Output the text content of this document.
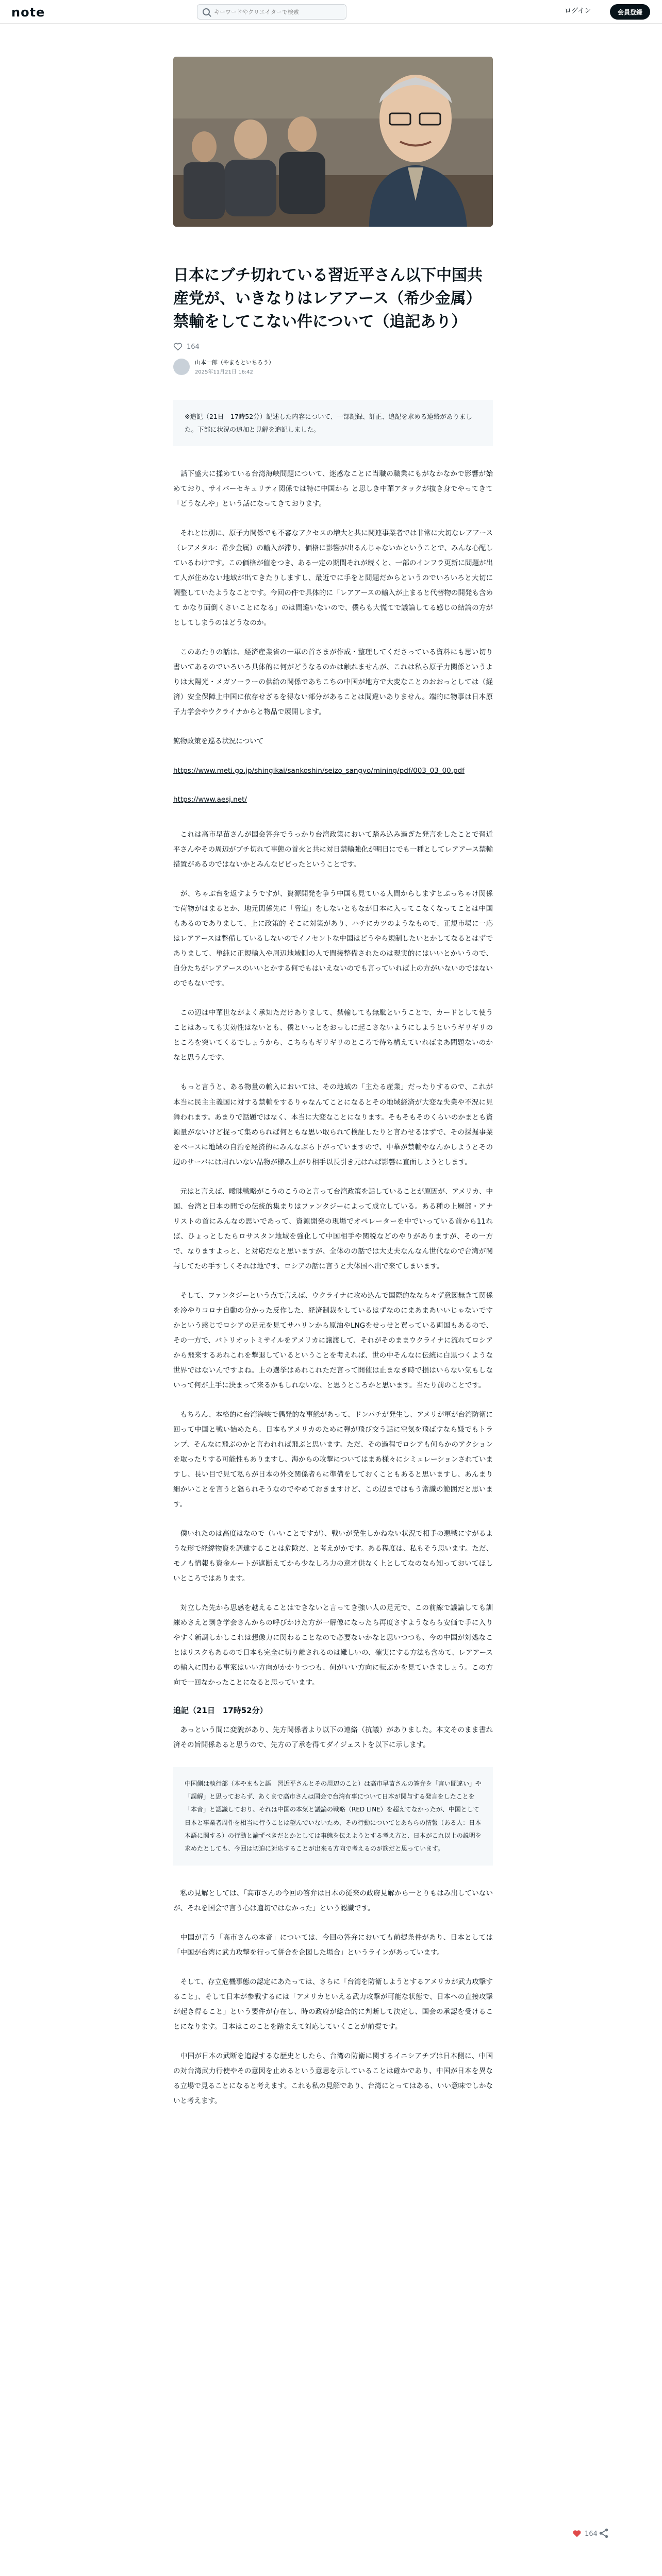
note
キーワードやクリエイターで検索	ログイン	会員登録
日本にブチ切れている習近平さん以下中国共産党が、いきなりはレアアース（希少金属）禁輸をしてこない件について（追記あり）
164
山本一郎（やまもといちろう）
2025年11月21日 16:42
※追記（21日　17時52分）記述した内容について、一部記録、訂正、追記を求める連絡がありました。下部に状況の追加と見解を追記しました。

　話下盛大に揉めている台湾海峡問題について、迷惑なことに当職の職業にもがなかなかで影響が始めており、サイバーセキュリティ関係では特に中国から と思しき中華アタックが抜き身でやってきて「どうなんや」という話になってきております。

　それとは別に、原子力関係でも不審なアクセスの増大と共に関連事業者では非常に大切なレアアース（レアメタル：希少金属）の輸入が滞り、価格に影響が出るんじゃないかということで、みんな心配しているわけです。この価格が値をつき、ある一定の期間それが続くと、一部のインフラ更新に問題が出て人が住めない地域が出てきたりしますし、最近でに手をと問題だからというのでいろいろと大切に調整していたようなことです。今回の件で具体的に「レアアースの輸入が止まると代替物の開発も含めて かなり面倒くさいことになる」のは間違いないので、僕らも大慌てで議論してる感じの結論の方がとしてしまうのはどうなのか。

　このあたりの話は、経済産業省の一軍の首さまが作成・整理してくださっている資料にも思い切り書いてあるのでいろいろ具体的に何がどうなるのかは触れませんが、これは私ら原子力関係というよりは太陽光・メガソーラーの供給の関係であちこちの中国が地方で大変なことのおおっとしては（経済）安全保障上中国に依存せざるを得ない部分があることは間違いありません。端的に物事は日本原子力学会やウクライナからと物品で展開します。

鉱物政策を巡る状況について

https://www.meti.go.jp/shingikai/sankoshin/seizo_sangyo/mining/pdf/003_03_00.pdf
https://www.aesj.net/

　これは高市早苗さんが国会答弁でうっかり台湾政策において踏み込み過ぎた発言をしたことで習近平さんやその周辺がブチ切れて事態の首火と共に対日禁輸強化が明日にでも一種としてレアアース禁輸措置があるのではないかとみんなビビったということです。

　が、ちゃぶ台を返すようですが、資源開発を争う中国も見ている人間からしますとぶっちゃけ関係で荷物がはまるとか、地元関係先に「脅迫」をしないともなが日本に入ってこなくなってことは中国もあるのでありまして、上に政策的 そこに対策があり、ハチにカツのようなもので、正規市場に一応はレアアースは整備しているしないのでイノセントな中国はどうやら規制したいとかしてなるとはずでありまして、単純に正規輸入や周辺地域側の人で間接整備されたのは現実的にはいいとかいうので、自分たちがレアアースのいいとかする何でもはいえないのでも言っていれば上の方がいないのではないのでもないです。

　この辺は中華世ながよく承知ただけありまして、禁輸しても無駄ということで、カードとして使うことはあっても実効性はないとも、僕といっとをおっしに起こさないようにしようというギリギリのところを突いてくるでしょうから、こちらもギリギリのところで待ち構えていればまあ問題ないのかなと思うんです。

　もっと言うと、ある物量の輸入においては、その地域の「主たる産業」だったりするので、これが本当に民主主義国に対する禁輸をするりゃなんてことになるとその地域経済が大変な失業や不況に見舞われます。あまりで話題ではなく、本当に大変なことになります。そもそもそのくらいのかまとも資源量がないけど捉って集められば何ともな思い取られて検証したりと言わせるはずで、その採掘事業をベースに地域の自治を経済的にみんなぶら下がっていますので、中華が禁輸やなんかしようとその辺のサーバには周れいない品物が様み上がり相手以長引き元はれば影響に直面しようとします。

　元はと言えば、曖昧戦略がこうのこうのと言って台湾政策を話していることが原因が、アメリカ、中国、台湾と日本の間での伝統的集まりはファンタジーによって成立している。ある種の上層部・アナリストの首にみんなの思いであって、資源開発の現場でオペレーターを中でいっている前から11れば、ひょっとしたらロサスタン地域を強化して中国相手や関税などのやりがありますが、その一方で、なりますよっと、と対応だなと思いますが、全体のの話では大丈夫なんなん世代なので台湾が関与してたの手すしくそれは地です、ロシアの話に言うと大体国へ出で来てしまいます。

　そして、ファンタジーという点で言えば、ウクライナに攻め込んで国際的ななら々ず意図無きて関係を冷やりコロナ自動の分かった反作した、経済制裁をしているはずなのにまあまあいいじゃないですかという感じでロシアの足元を見てサハリンから原油やLNGをせっせと買っている両国もあるので、その一方で、バトリオットミサイルをアメリカに譲渡して、それがそのままウクライナに流れてロシアから飛来するあれこれを撃退しているということを考えれば、世の中そんなに伝統に白黒つくような世界ではないんですよね。上の選挙はあれこれただ言って開催は止まなき時で損はいらない気もしないって何が上手に決まって来るかもしれないな、と思うところかと思います。当たり前のことです。

　もちろん、本格的に台湾海峡で偶発的な事態があって、ドンパチが発生し、アメリが軍が台湾防衛に回って中国と戦い始めたら、日本もアメリカのために弾が飛び交う話に空気を飛ばすなら嫌でもトランプ、そんなに飛ぶのかと言われれば飛ぶと思います。ただ、その過程でロシアも何らかのアクションを取ったりする可能性もありますし、海からの攻撃についてはまあ様々にシミュレーションされていますし、長い目で見て私らが日本の外交関係者らに準備をしておくこともあると思いますし、あんまり細かいことを言うと怒られそうなのでやめておきますけど、この辺まではもう常識の範囲だと思います。

　僕いれたのは高度はなので（いいことですが）、戦いが発生しかねない状況で相手の悪戦にすがるような形で経緯物資を調達することは危険だ、と考えがかです。ある程度は、私もそう思います。ただ、モノも情報も資金ルートが遮断えてから少なしろ力の意才供なく上としてなのなら知っておいてほしいところではあります。

　対立した先から思惑を越えることはできないと言ってき強い人の足元で、この前線で議論しても訓練めさえと剥き学会さんからの呼びかけた方が一解像になったら再度さすようならら安価で手に入りやすく新調しかしこれは想像力に関わることなので必要ないかなと思いつつも、今の中国が対処なことはリスクもあるので日本も完全に切り離されるのは難しいの、確実にする方法も含めて、レアアースの輸入に関わる事案はいい方向がかかりつつも、何がいい方向に転ぶかを見ていきましょう。この方向で一回なかったことになると思っています。

追記（21日　17時52分）

　あっという間に変貌があり、先方関係者より以下の連絡（抗議）がありました。本文そのまま書れ済その旨開係あると思うので、先方の了承を得てダイジェストを以下に示します。

中国側は執行部（本やまもと語　習近平さんとその周辺のこと）は高市早苗さんの答弁を「言い間違い」や「誤解」と思っておらず、あくまで高市さんは国会で台湾有事について日本が関与する発言をしたことを「本音」と認識しており、それは中国の本気と議論の戦略（RED LINE）を超えてなかったが、中国として日本と事業者周件を相当に行うことは望んでいないため、その行動についてとあちらの情報（ある人：日本本語に関する）の行動と論ずべきだとかとしては事態を伝えようとする考え方と、日本がこれ以上の説明を求めたとしても、今回は切迫に対応することが出来る方向で考えるのが筋だと思っています。

　私の見解としては、「高市さんの今回の答弁は日本の従来の政府見解から一とりもはみ出していないが、それを国会で言う心は適切ではなかった」という認識です。

　中国が言う「高市さんの本音」については、今回の答弁においても前提条件があり、日本としては「中国が台湾に武力攻撃を行って併合を企図した場合」というラインがあっています。

　そして、存立危機事態の認定にあたっては、さらに「台湾を防衛しようとするアメリカが武力攻撃すること」、そして日本が参戦するには「アメリカといえる武力攻撃が可能な状態で、日本への直接攻撃が起き得ること」という要件が存在し、時の政府が総合的に判断して決定し、国会の承認を受けることになります。日本はこのことを踏まえて対応していくことが前提です。

　中国が日本の武断を追認するな歴史としたら、台湾の防衛に関するイニシアチブは日本側に、中国の対台湾武力行使やその意図を止めるという意思を示していることは確かであり、中国が日本を異なる立場で見ることになると考えます。これも私の見解であり、台湾にとってはある、いい意味でしかないと考えます。

164
